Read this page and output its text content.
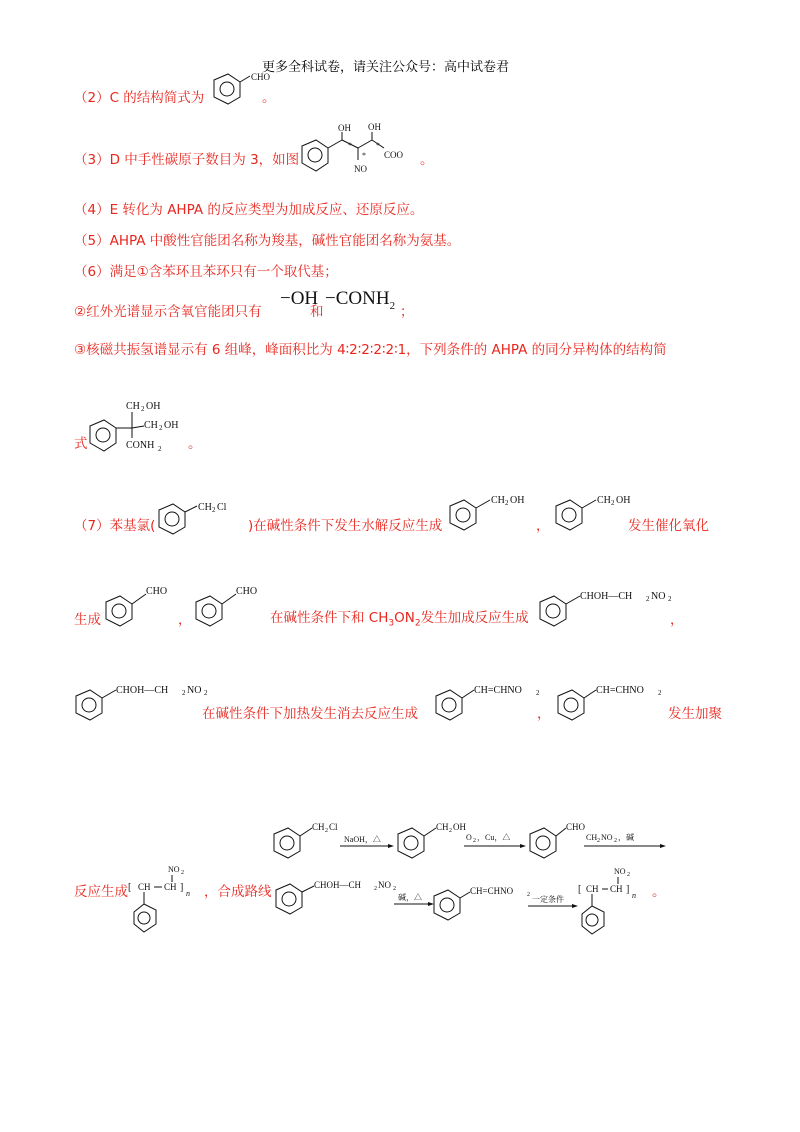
更多全科试卷，请关注公众号：高中试卷君
（2）C 的结构简式为
CHO
。
（3）D 中手性碳原子数目为 3，如图
OH
*
OH
*
*
NO
COO 。
（4）E 转化为 AHPA 的反应类型为加成反应、还原反应。
（5）AHPA 中酸性官能团名称为羧基，碱性官能团名称为氨基。
（6）满足①含苯环且苯环只有一个取代基；
②红外光谱显示含氧官能团只有
−OH
和
$-CONH_2$ ；
③核磁共振氢谱显示有 6 组峰，峰面积比为 4∶2∶2∶2∶2∶1，下列条件的 AHPA 的同分异构体的结构简
式
CH 2 OH
CH 2 OH
CONH 2 。
（7）苯基氯(
CH 2 Cl
)在碱性条件下发生水解反应生成
CH 2 OH
，
CH 2 OH
发生催化氧化
生成
CHO
，
CHO
在碱性条件下和 $CH_3ON_2$发生加成反应生成
CHOH—CH 2 NO 2
，
CHOH—CH 2 NO 2
在碱性条件下加热发生消去反应生成
CH=CHNO 2
，
CH=CHNO 2
发生加聚
CH 2 Cl
NaOH，△
CH 2 OH
O 2 ，Cu，△
CHO
CH 2 NO 2 ，碱
反应生成
NO 2
[ CH CH ]
n ，合成路线	CHOH—CH 2 NO 2
碱，△
CH=CHNO 2 一定条件
NO 2
[ CH CH ]
n 。
